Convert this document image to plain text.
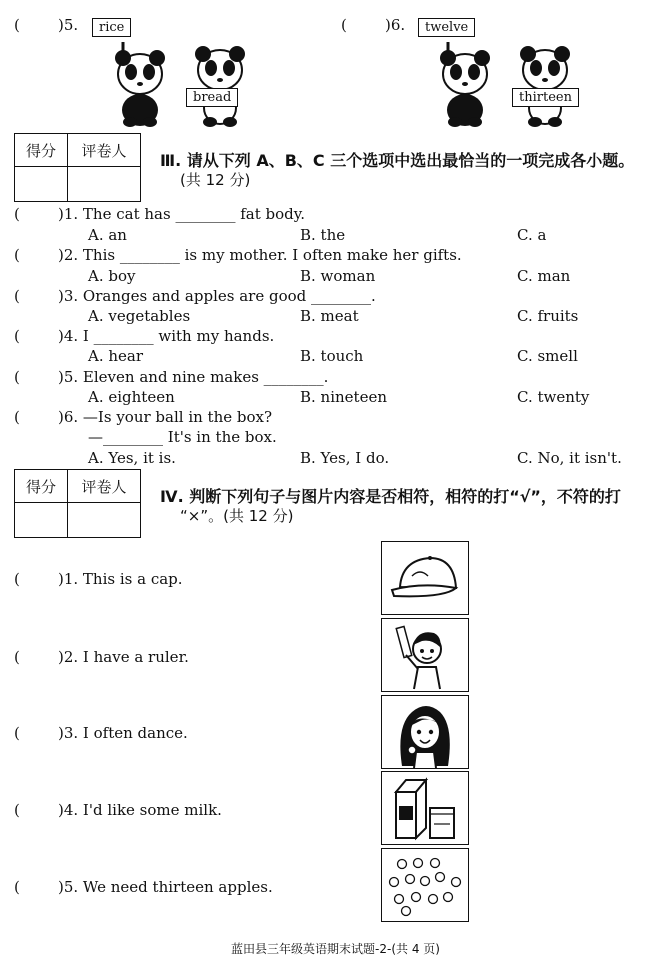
(	)5.	rice
bread
(	)6.	twelve
thirteen
得分	评卷人

Ⅲ. 请从下列 A、B、C 三个选项中选出最恰当的一项完成各小题。
(共 12 分)
(	)1. The cat has ________ fat body.
A. an	B. the	C. a
(	)2. This ________ is my mother. I often make her gifts.
A. boy	B. woman	C. man
(	)3. Oranges and apples are good ________.
A. vegetables	B. meat	C. fruits
(	)4. I ________ with my hands.
A. hear	B. touch	C. smell
(	)5. Eleven and nine makes ________.
A. eighteen	B. nineteen	C. twenty
(	)6. —Is your ball in the box?
—________ It's in the box.
A. Yes, it is.	B. Yes, I do.	C. No, it isn't.
得分	评卷人

Ⅳ. 判断下列句子与图片内容是否相符，相符的打“√”，不符的打
“×”。(共 12 分)
(	)1. This is a cap.
(	)2. I have a ruler.
(	)3. I often dance.
(	)4. I'd like some milk.
(	)5. We need thirteen apples.
蓝田县三年级英语期末试题-2-(共 4 页)
